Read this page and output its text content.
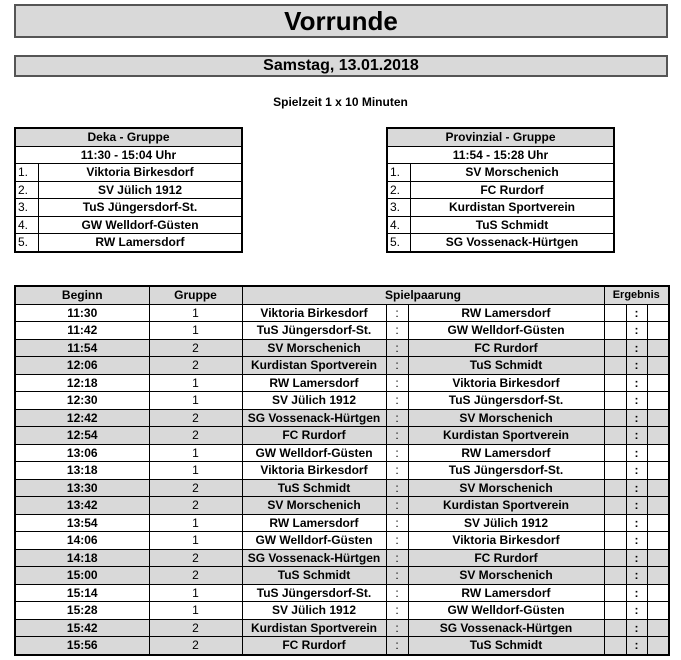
Vorrunde
Samstag, 13.01.2018
Spielzeit 1 x 10 Minuten
Deka - Gruppe	
11:30 - 15:04 Uhr	
1.	Viktoria Birkesdorf
2.	SV Jülich 1912
3.	TuS Jüngersdorf-St.
4.	GW Welldorf-Güsten
5.	RW Lamersdorf
Provinzial - Gruppe	
11:54 - 15:28 Uhr	
1.	SV Morschenich
2.	FC Rurdorf
3.	Kurdistan Sportverein
4.	TuS Schmidt
5.	SG Vossenack-Hürtgen
Beginn	Gruppe	Spielpaarung			Ergebnis		
11:30	1	Viktoria Birkesdorf	:	RW Lamersdorf		:	
11:42	1	TuS Jüngersdorf-St.	:	GW Welldorf-Güsten		:	
11:54	2	SV Morschenich	:	FC Rurdorf		:	
12:06	2	Kurdistan Sportverein	:	TuS Schmidt		:	
12:18	1	RW Lamersdorf	:	Viktoria Birkesdorf		:	
12:30	1	SV Jülich 1912	:	TuS Jüngersdorf-St.		:	
12:42	2	SG Vossenack-Hürtgen	:	SV Morschenich		:	
12:54	2	FC Rurdorf	:	Kurdistan Sportverein		:	
13:06	1	GW Welldorf-Güsten	:	RW Lamersdorf		:	
13:18	1	Viktoria Birkesdorf	:	TuS Jüngersdorf-St.		:	
13:30	2	TuS Schmidt	:	SV Morschenich		:	
13:42	2	SV Morschenich	:	Kurdistan Sportverein		:	
13:54	1	RW Lamersdorf	:	SV Jülich 1912		:	
14:06	1	GW Welldorf-Güsten	:	Viktoria Birkesdorf		:	
14:18	2	SG Vossenack-Hürtgen	:	FC Rurdorf		:	
15:00	2	TuS Schmidt	:	SV Morschenich		:	
15:14	1	TuS Jüngersdorf-St.	:	RW Lamersdorf		:	
15:28	1	SV Jülich 1912	:	GW Welldorf-Güsten		:	
15:42	2	Kurdistan Sportverein	:	SG Vossenack-Hürtgen		:	
15:56	2	FC Rurdorf	:	TuS Schmidt		:	
